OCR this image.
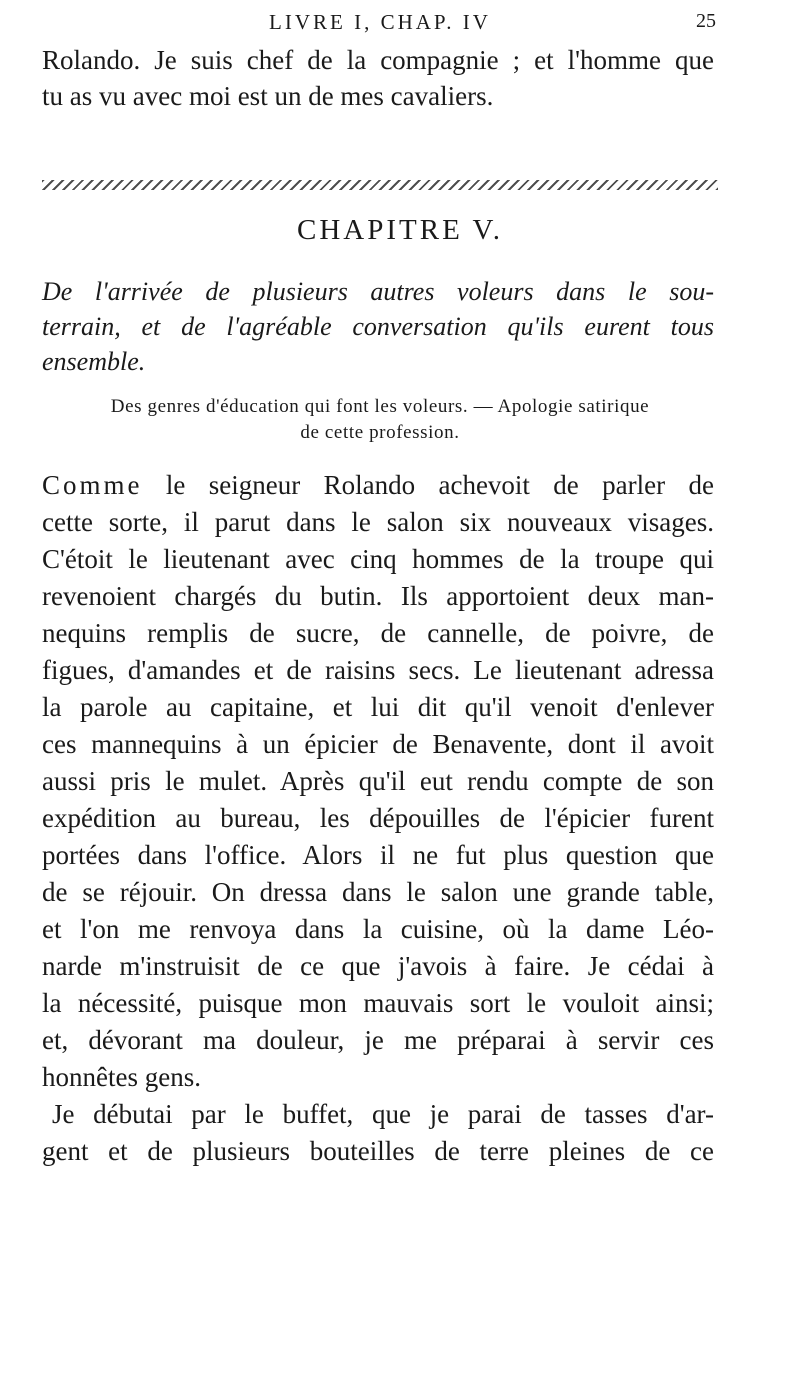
LIVRE I, CHAP. IV	25
Rolando. Je suis chef de la compagnie ; et l'homme que
tu as vu avec moi est un de mes cavaliers.
CHAPITRE V.
De l'arrivée de plusieurs autres voleurs dans le sou-
terrain, et de l'agréable conversation qu'ils eurent tous
ensemble.
Des genres d'éducation qui font les voleurs. — Apologie satirique
de cette profession.
Comme le seigneur Rolando achevoit de parler de
cette sorte, il parut dans le salon six nouveaux visages.
C'étoit le lieutenant avec cinq hommes de la troupe qui
revenoient chargés du butin. Ils apportoient deux man-
nequins remplis de sucre, de cannelle, de poivre, de
figues, d'amandes et de raisins secs. Le lieutenant adressa
la parole au capitaine, et lui dit qu'il venoit d'enlever
ces mannequins à un épicier de Benavente, dont il avoit
aussi pris le mulet. Après qu'il eut rendu compte de son
expédition au bureau, les dépouilles de l'épicier furent
portées dans l'office. Alors il ne fut plus question que
de se réjouir. On dressa dans le salon une grande table,
et l'on me renvoya dans la cuisine, où la dame Léo-
narde m'instruisit de ce que j'avois à faire. Je cédai à
la nécessité, puisque mon mauvais sort le vouloit ainsi;
et, dévorant ma douleur, je me préparai à servir ces
honnêtes gens.
Je débutai par le buffet, que je parai de tasses d'ar-
gent et de plusieurs bouteilles de terre pleines de ce
